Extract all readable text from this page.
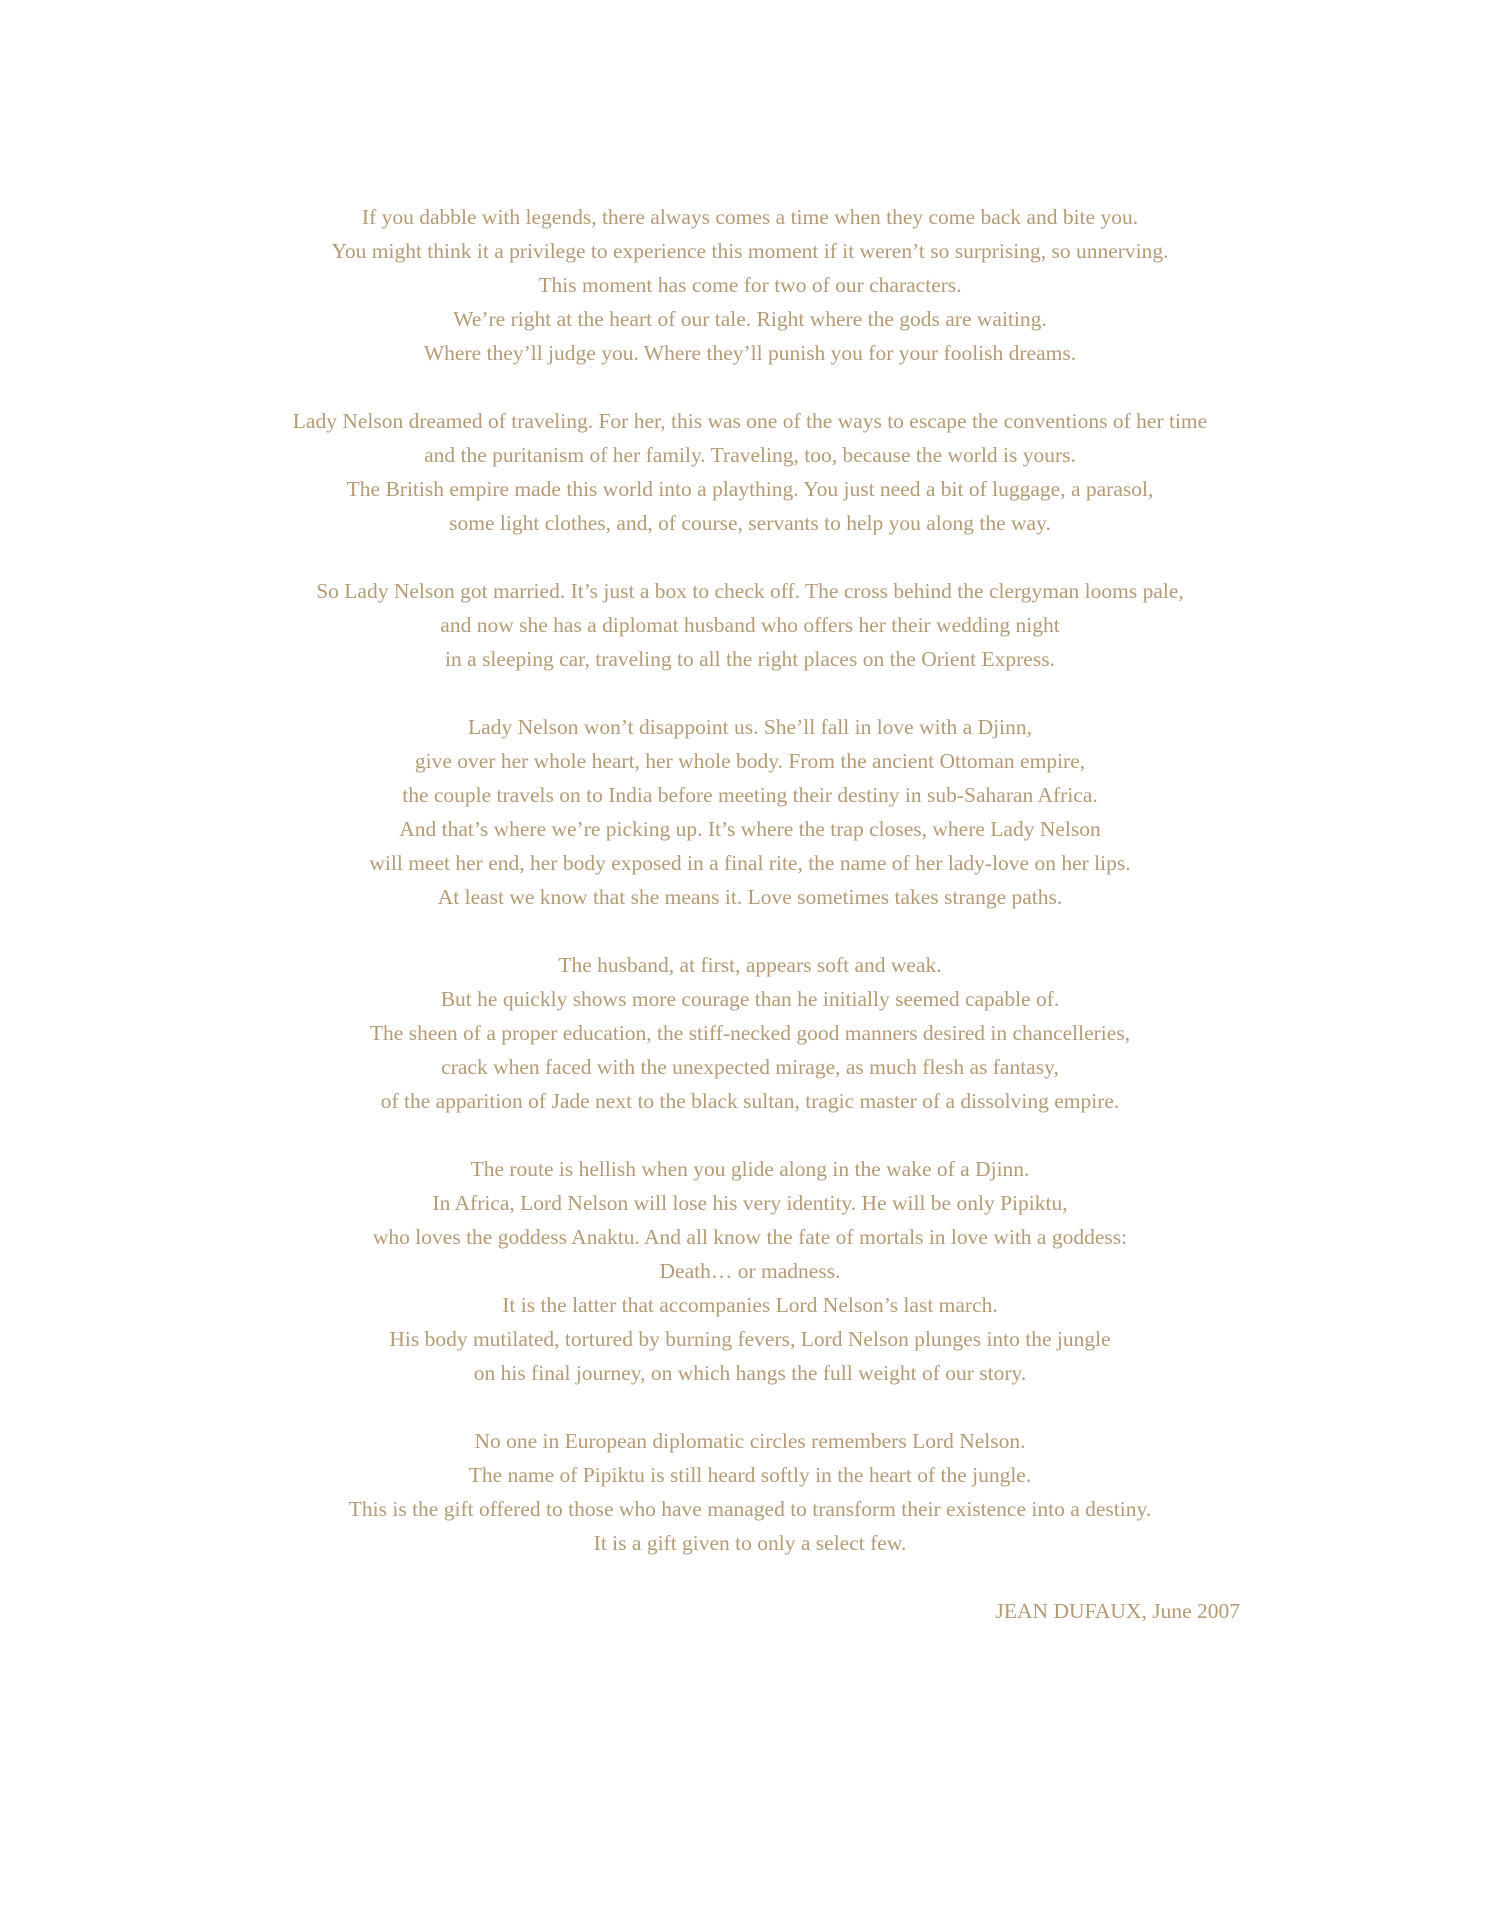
If you dabble with legends, there always comes a time when they come back and bite you.
You might think it a privilege to experience this moment if it weren’t so surprising, so unnerving.
This moment has come for two of our characters.
We’re right at the heart of our tale. Right where the gods are waiting.
Where they’ll judge you. Where they’ll punish you for your foolish dreams.
Lady Nelson dreamed of traveling. For her, this was one of the ways to escape the conventions of her time
and the puritanism of her family. Traveling, too, because the world is yours.
The British empire made this world into a plaything. You just need a bit of luggage, a parasol,
some light clothes, and, of course, servants to help you along the way.
So Lady Nelson got married. It’s just a box to check off. The cross behind the clergyman looms pale,
and now she has a diplomat husband who offers her their wedding night
in a sleeping car, traveling to all the right places on the Orient Express.
Lady Nelson won’t disappoint us. She’ll fall in love with a Djinn,
give over her whole heart, her whole body. From the ancient Ottoman empire,
the couple travels on to India before meeting their destiny in sub-Saharan Africa.
And that’s where we’re picking up. It’s where the trap closes, where Lady Nelson
will meet her end, her body exposed in a final rite, the name of her lady-love on her lips.
At least we know that she means it. Love sometimes takes strange paths.
The husband, at first, appears soft and weak.
But he quickly shows more courage than he initially seemed capable of.
The sheen of a proper education, the stiff-necked good manners desired in chancelleries,
crack when faced with the unexpected mirage, as much flesh as fantasy,
of the apparition of Jade next to the black sultan, tragic master of a dissolving empire.
The route is hellish when you glide along in the wake of a Djinn.
In Africa, Lord Nelson will lose his very identity. He will be only Pipiktu,
who loves the goddess Anaktu. And all know the fate of mortals in love with a goddess:
Death… or madness.
It is the latter that accompanies Lord Nelson’s last march.
His body mutilated, tortured by burning fevers, Lord Nelson plunges into the jungle
on his final journey, on which hangs the full weight of our story.
No one in European diplomatic circles remembers Lord Nelson.
The name of Pipiktu is still heard softly in the heart of the jungle.
This is the gift offered to those who have managed to transform their existence into a destiny.
It is a gift given to only a select few.
JEAN DUFAUX, June 2007
